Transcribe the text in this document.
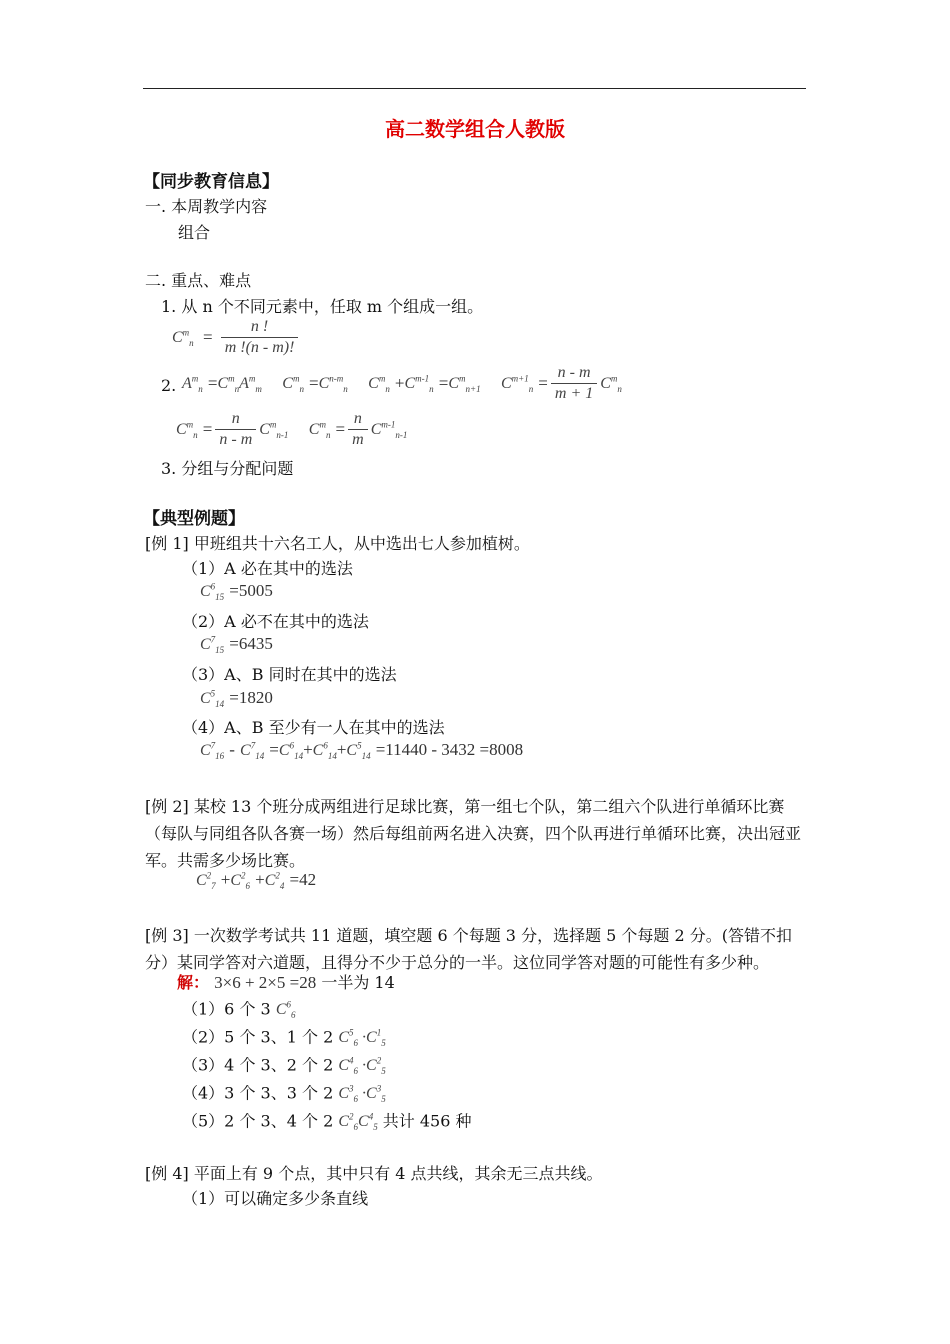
高二数学组合人教版
【同步教育信息】
一. 本周教学内容
组合
二. 重点、难点
1. 从 n 个不同元素中，任取 m 个组成一组。
$C^m_n = \frac{n !}{m !(n - m)!}$
2. $A^m_n =C^m_nA^m_m$ $C^m_n =C^{n-m}_n$ $C^m_n +C^{m-1}_n =C^m_{n+1}$ $C^{m+1}_n = \frac{n - m}{m + 1} C^m_n$
$C^m_n = \frac{n}{n - m} C^m_{n-1}$ $C^m_n = \frac{n}{m} C^{m-1}_{n-1}$
3. 分组与分配问题
【典型例题】
[例 1] 甲班组共十六名工人，从中选出七人参加植树。
（1）A 必在其中的选法
$C^6_{15} =5005$
（2）A 必不在其中的选法
$C^7_{15} =6435$
（3）A、B 同时在其中的选法
$C^5_{14} =1820$
（4）A、B 至少有一人在其中的选法
$C^7_{16} - C^7_{14} =C^6_{14}+C^6_{14}+C^5_{14} =11440 - 3432 =8008$
[例 2] 某校 13 个班分成两组进行足球比赛，第一组七个队，第二组六个队进行单循环比赛（每队与同组各队各赛一场）然后每组前两名进入决赛，四个队再进行单循环比赛，决出冠亚军。共需多少场比赛。
$C^2_7 +C^2_6 +C^2_4 =42$
[例 3] 一次数学考试共 11 道题，填空题 6 个每题 3 分，选择题 5 个每题 2 分。(答错不扣分）某同学答对六道题，且得分不少于总分的一半。这位同学答对题的可能性有多少种。
解： 3×6 + 2×5 =28 一半为 14
（1）6 个 3 $C^6_6$
（2）5 个 3、1 个 2 $C^5_6 \cdot C^1_5$
（3）4 个 3、2 个 2 $C^4_6 \cdot C^2_5$
（4）3 个 3、3 个 2 $C^3_6 \cdot C^3_5$
（5）2 个 3、4 个 2 $C^2_6C^4_5$ 共计 456 种
[例 4] 平面上有 9 个点，其中只有 4 点共线，其余无三点共线。
（1）可以确定多少条直线
